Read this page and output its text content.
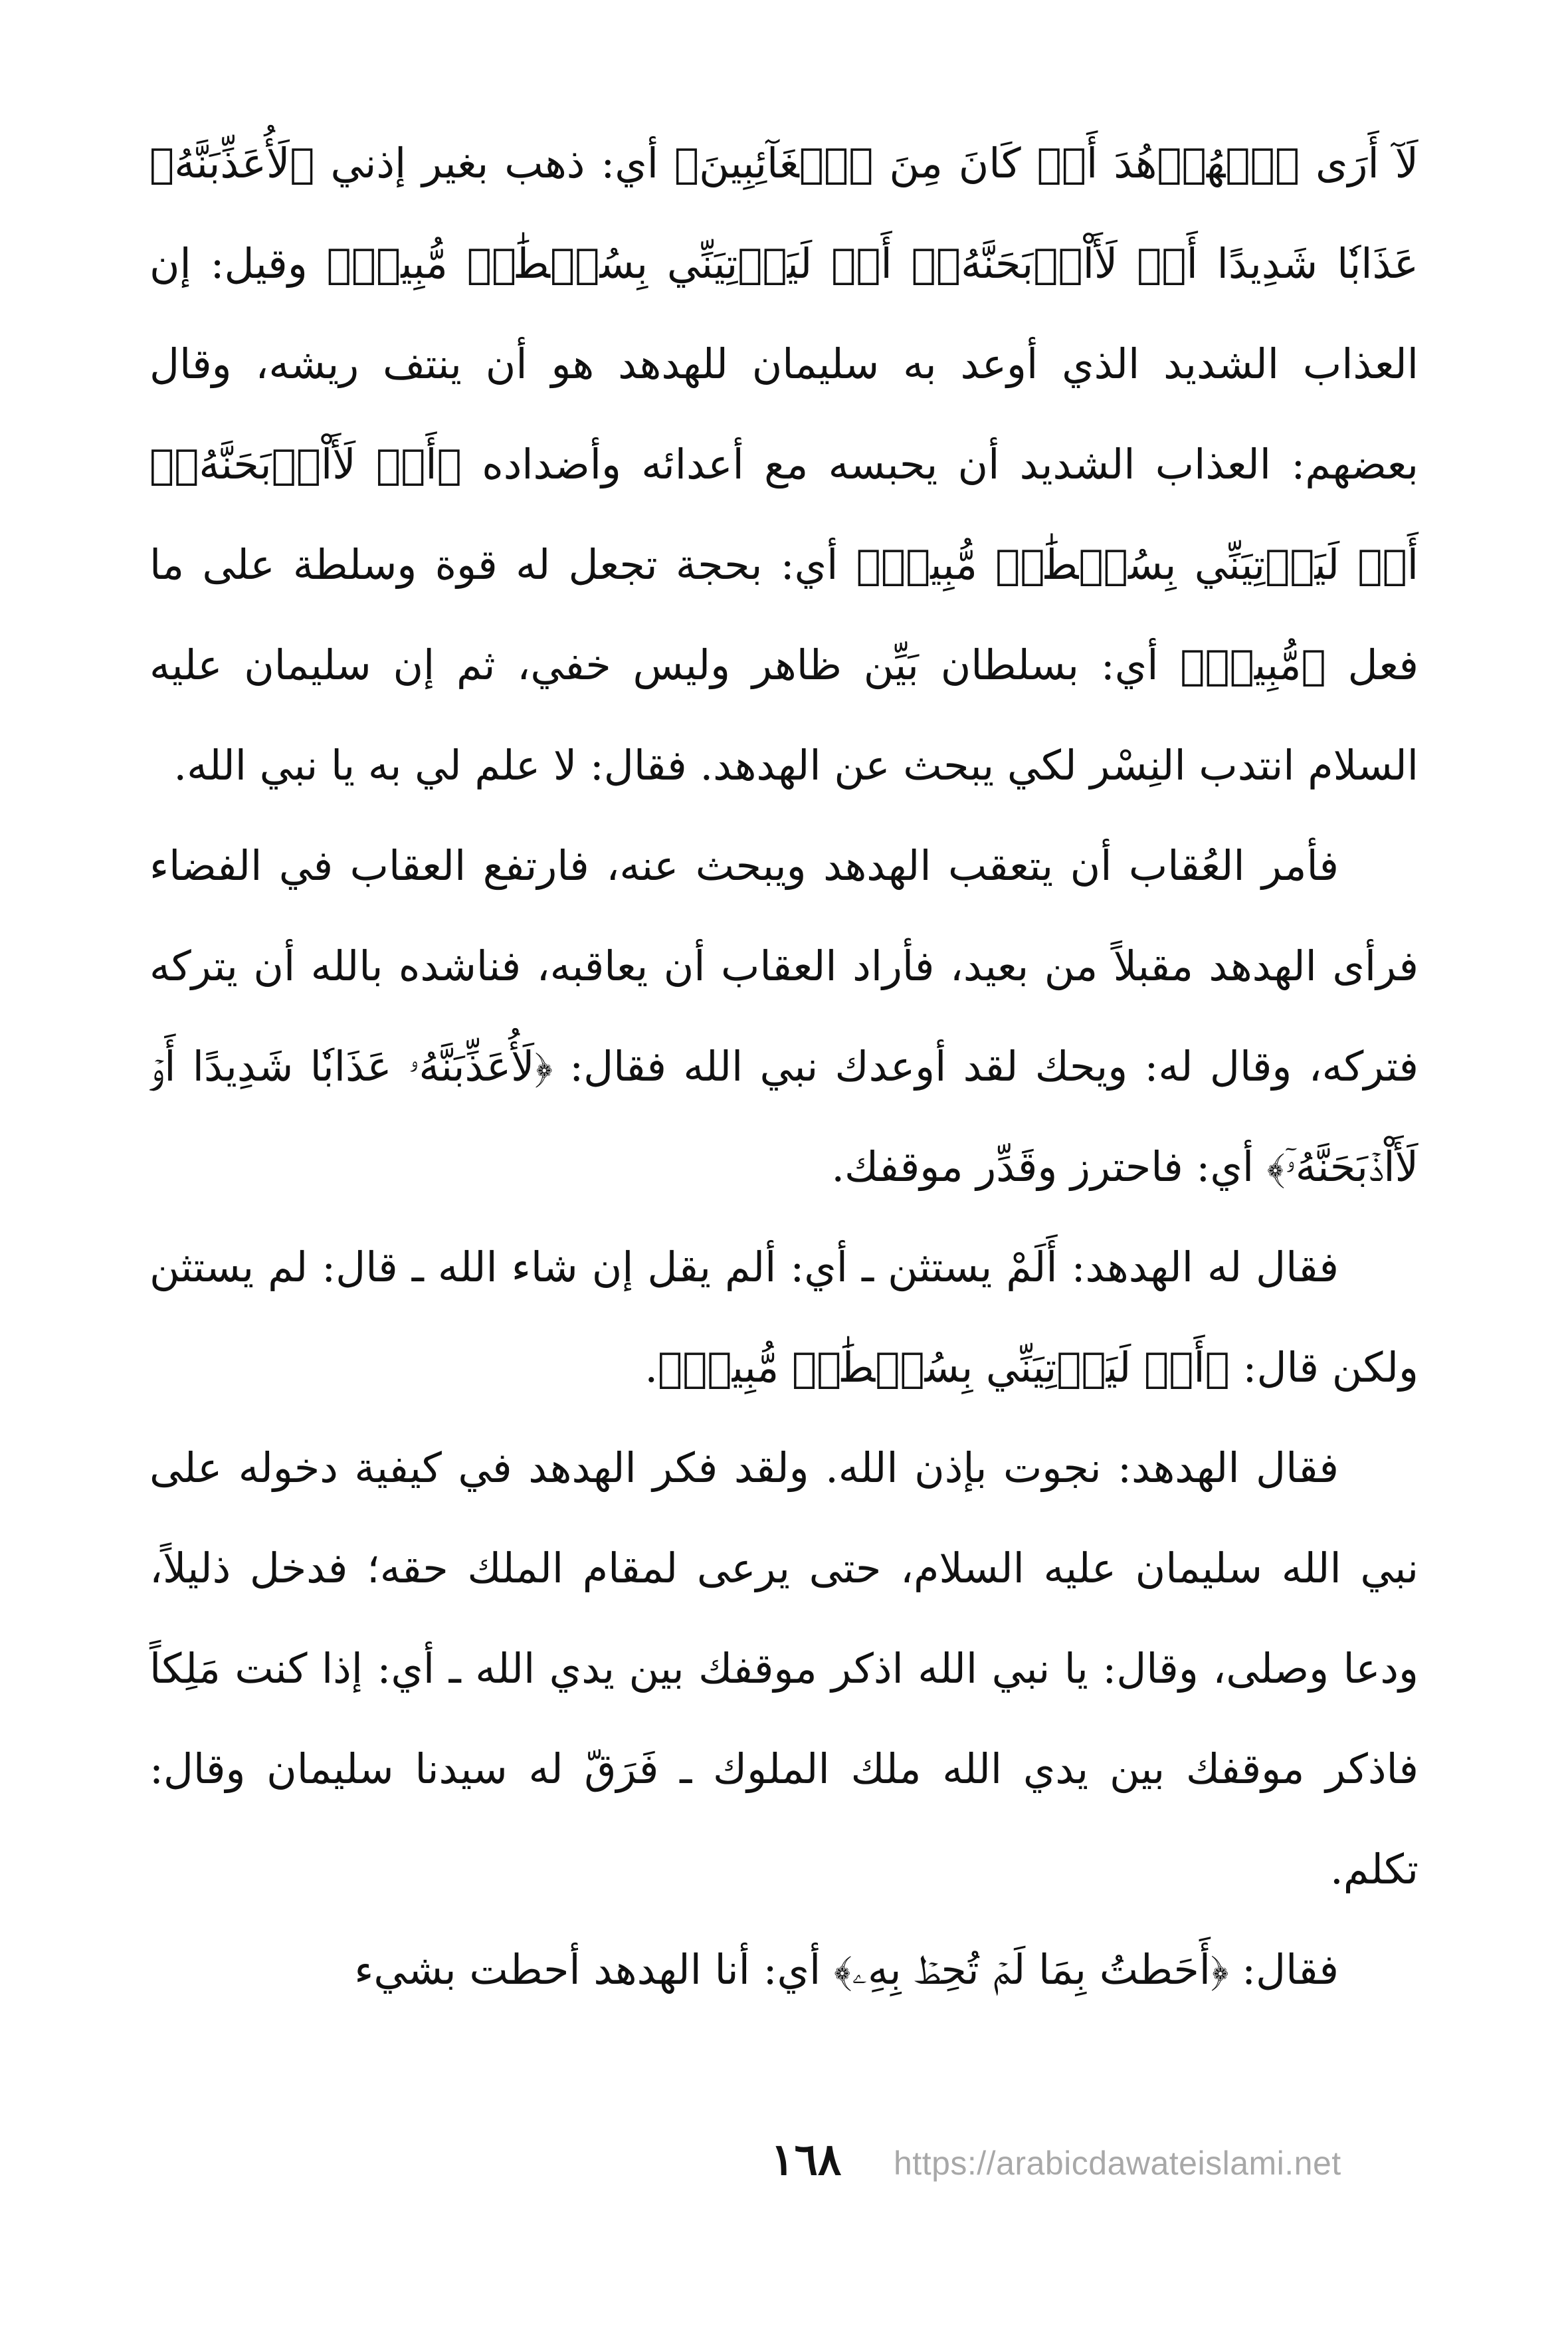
لَآ أَرَى ٱلۡهُدۡهُدَ أَمۡ كَانَ مِنَ ٱلۡغَآئِبِينَ﴾ أي: ذهب بغير إذني ﴿لَأُعَذِّبَنَّهُۥ عَذَابٗا شَدِيدًا أَوۡ لَأَاْذۡبَحَنَّهُۥٓ أَوۡ لَيَأۡتِيَنِّي بِسُلۡطَٰنٖ مُّبِينٖ﴾ وقيل: إن العذاب الشديد الذي أوعد به سليمان للهدهد هو أن ينتف ريشه، وقال بعضهم: العذاب الشديد أن يحبسه مع أعدائه وأضداده ﴿أَوۡ لَأَاْذۡبَحَنَّهُۥٓ أَوۡ لَيَأۡتِيَنِّي بِسُلۡطَٰنٖ مُّبِينٖ﴾ أي: بحجة تجعل له قوة وسلطة على ما فعل ﴿مُّبِينٖ﴾ أي: بسلطان بَيِّن ظاهر وليس خفي، ثم إن سليمان عليه السلام انتدب النِسْر لكي يبحث عن الهدهد. فقال: لا علم لي به يا نبي الله.

فأمر العُقاب أن يتعقب الهدهد ويبحث عنه، فارتفع العقاب في الفضاء فرأى الهدهد مقبلاً من بعيد، فأراد العقاب أن يعاقبه، فناشده بالله أن يتركه فتركه، وقال له: ويحك لقد أوعدك نبي الله فقال: ﴿لَأُعَذِّبَنَّهُۥ عَذَابٗا شَدِيدًا أَوۡ لَأَاْذۡبَحَنَّهُۥٓ﴾ أي: فاحترز وقَدِّر موقفك.

فقال له الهدهد: أَلَمْ يستثن ـ أي: ألم يقل إن شاء الله ـ قال: لم يستثن ولكن قال: ﴿أَوۡ لَيَأۡتِيَنِّي بِسُلۡطَٰنٖ مُّبِينٖ﴾.

فقال الهدهد: نجوت بإذن الله. ولقد فكر الهدهد في كيفية دخوله على نبي الله سليمان عليه السلام، حتى يرعى لمقام الملك حقه؛ فدخل ذليلاً، ودعا وصلى، وقال: يا نبي الله اذكر موقفك بين يدي الله ـ أي: إذا كنت مَلِكاً فاذكر موقفك بين يدي الله ملك الملوك ـ فَرَقّ له سيدنا سليمان وقال: تكلم.

فقال: ﴿أَحَطتُ بِمَا لَمۡ تُحِطۡ بِهِۦ﴾ أي: أنا الهدهد أحطت بشيء

١٦٨ https://arabicdawateislami.net
